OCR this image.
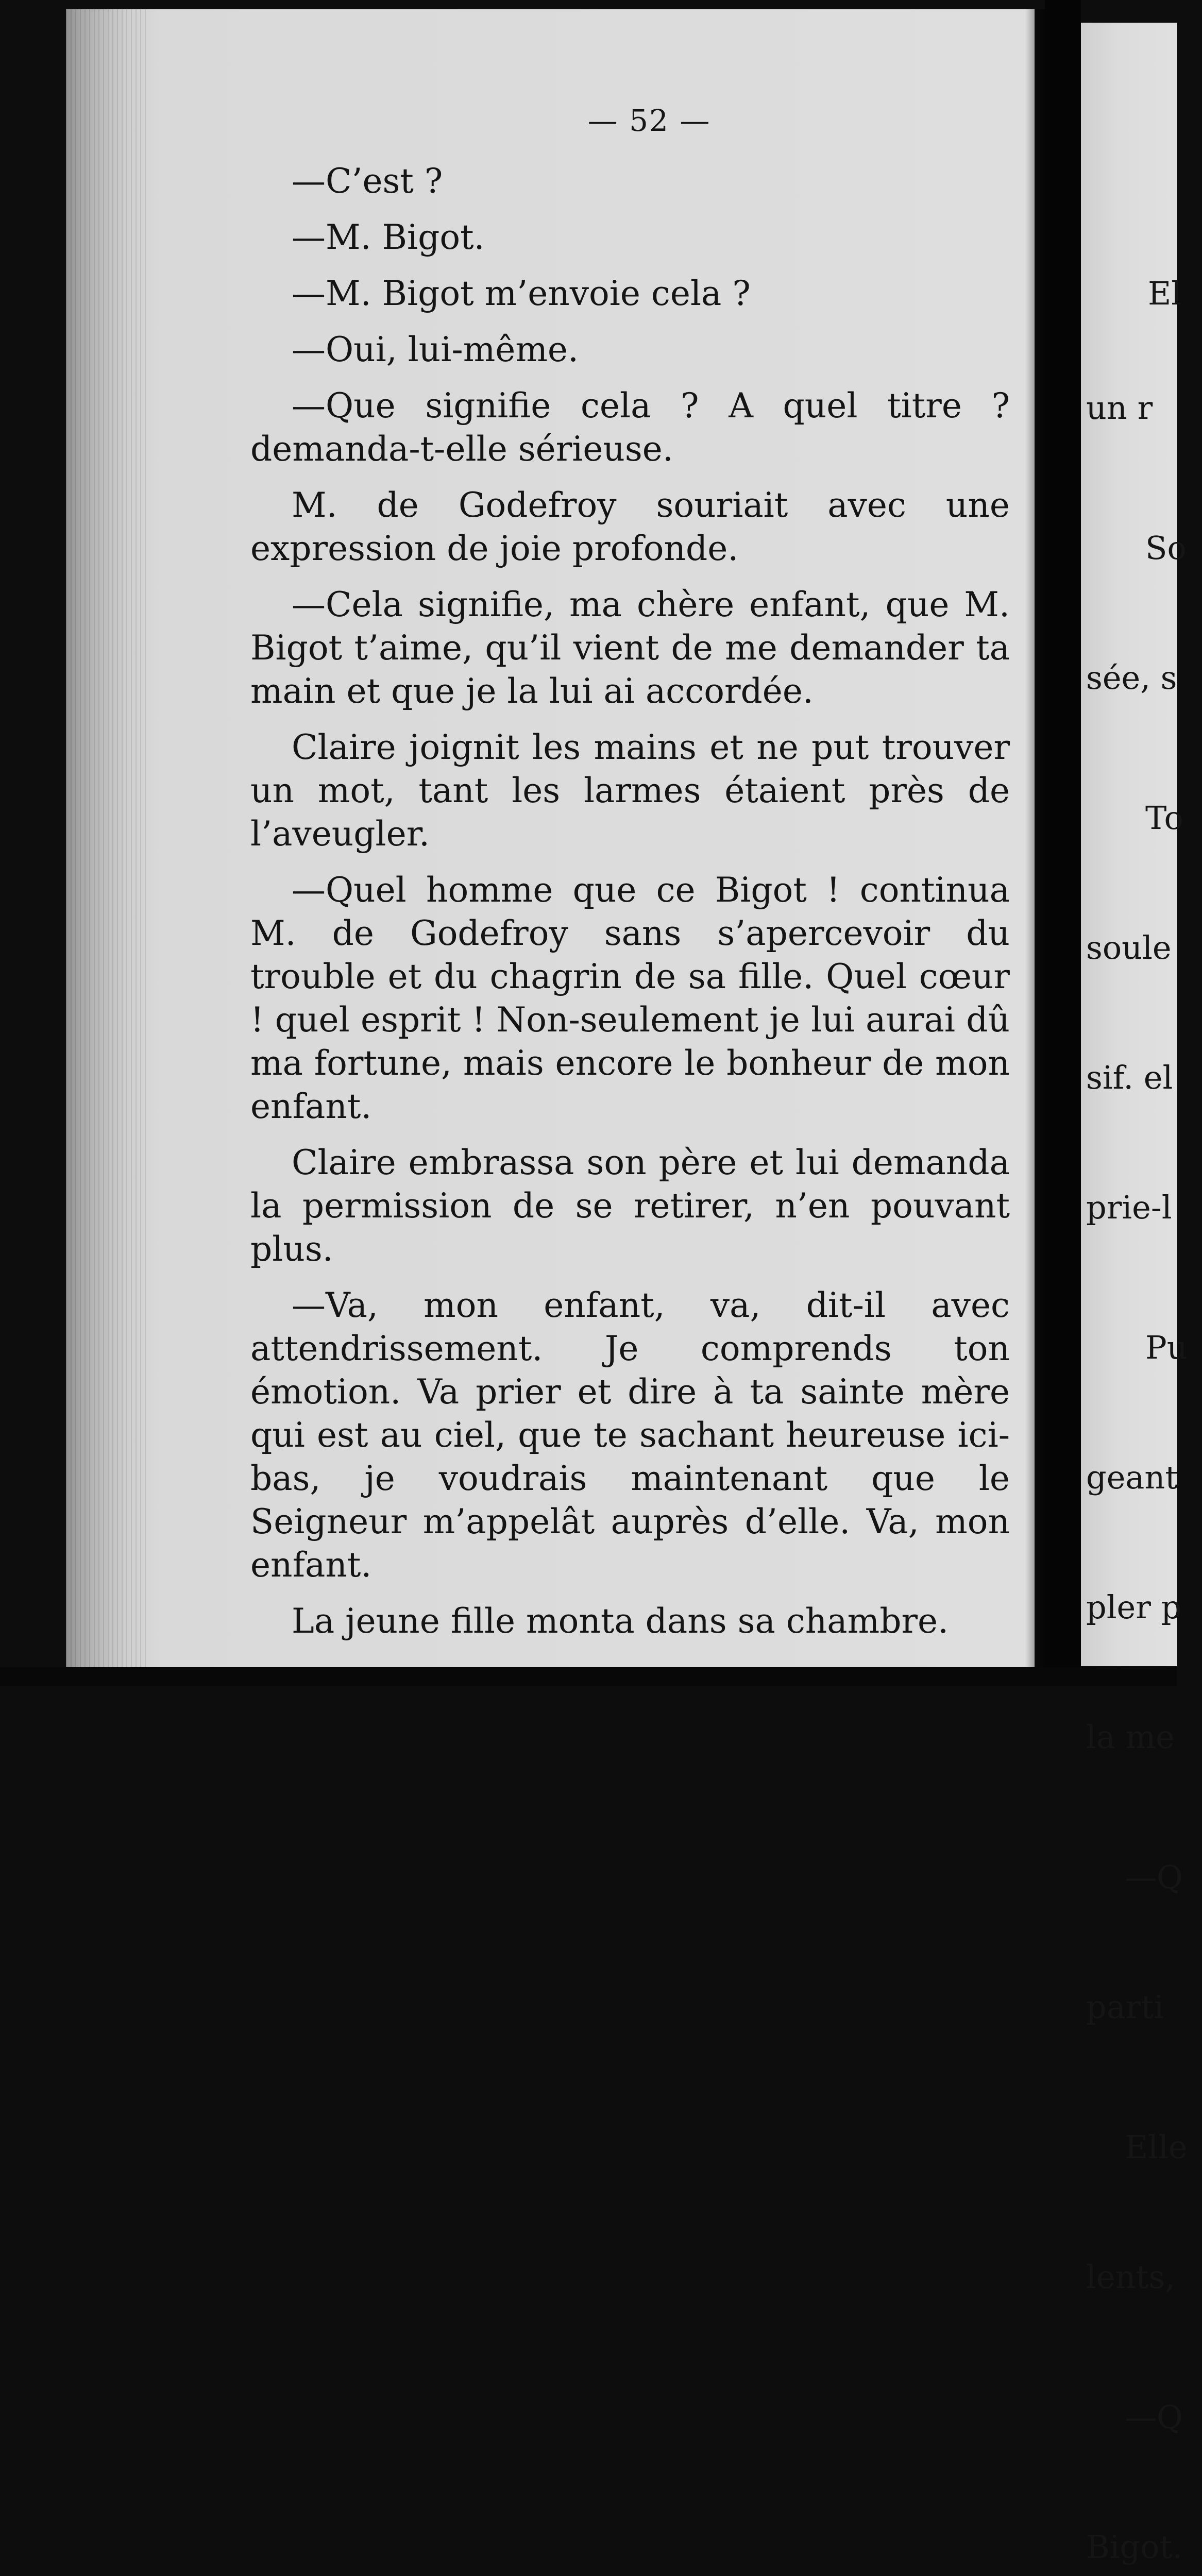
— 52 —

—C’est ?

—M. Bigot.

—M. Bigot m’envoie cela ?

—Oui, lui-même.

—Que signifie cela ? A quel titre ? demanda-t-elle sérieuse.

M. de Godefroy souriait avec une expression de joie profonde.

—Cela signifie, ma chère enfant, que M. Bigot t’aime, qu’il vient de me demander ta main et que je la lui ai accordée.

Claire joignit les mains et ne put trouver un mot, tant les larmes étaient près de l’aveugler.

—Quel homme que ce Bigot ! continua M. de Godefroy sans s’apercevoir du trouble et du chagrin de sa fille. Quel cœur ! quel esprit ! Non-seulement je lui aurai dû ma fortune, mais encore le bonheur de mon enfant.

Claire embrassa son père et lui demanda la permission de se retirer, n’en pouvant plus.

—Va, mon enfant, va, dit-il avec attendrissement. Je comprends ton émotion. Va prier et dire à ta sainte mère qui est au ciel, que te sachant heureuse ici-bas, je voudrais maintenant que le Seigneur m’appelât auprès d’elle. Va, mon enfant.

La jeune fille monta dans sa chambre.

El

un r

So

sée, s

To

soule

sif. el

prie-l

Pu

geant

pler p

la me

—Q

parti

Elle

lents,

—Q

Bigot.
